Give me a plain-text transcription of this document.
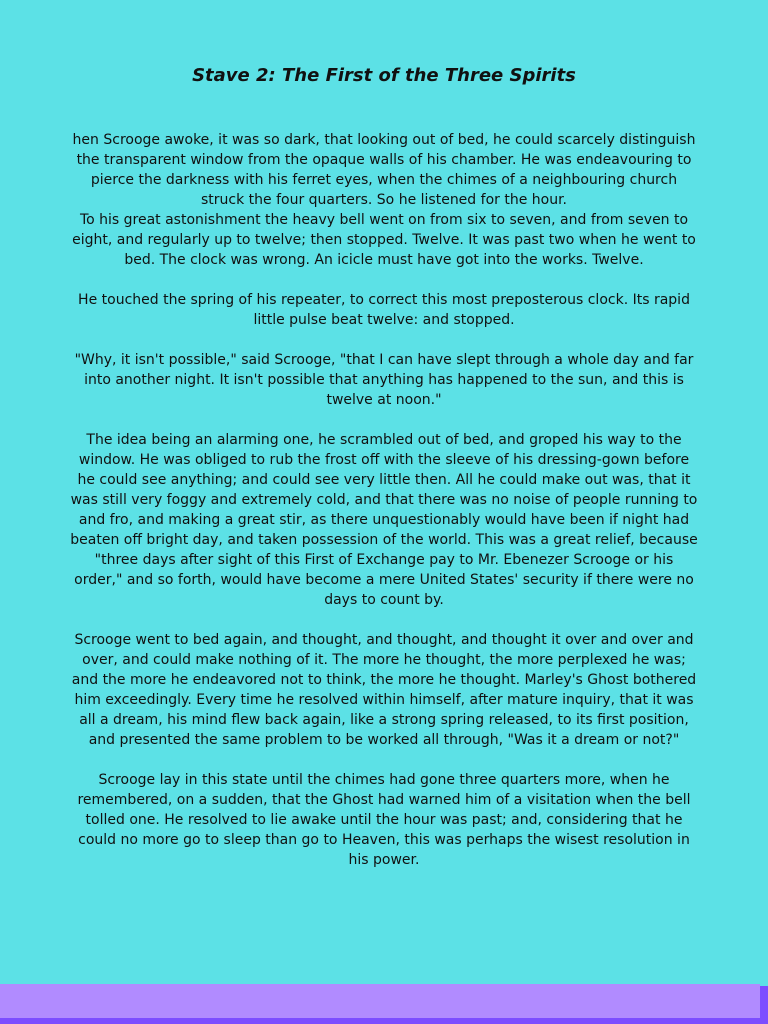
Stave 2: The First of the Three Spirits

hen Scrooge awoke, it was so dark, that looking out of bed, he could scarcely distinguish the transparent window from the opaque walls of his chamber. He was endeavouring to pierce the darkness with his ferret eyes, when the chimes of a neighbouring church struck the four quarters. So he listened for the hour.
To his great astonishment the heavy bell went on from six to seven, and from seven to eight, and regularly up to twelve; then stopped. Twelve. It was past two when he went to bed. The clock was wrong. An icicle must have got into the works. Twelve.

He touched the spring of his repeater, to correct this most preposterous clock. Its rapid little pulse beat twelve: and stopped.

"Why, it isn't possible," said Scrooge, "that I can have slept through a whole day and far into another night. It isn't possible that anything has happened to the sun, and this is twelve at noon."

The idea being an alarming one, he scrambled out of bed, and groped his way to the window. He was obliged to rub the frost off with the sleeve of his dressing-gown before he could see anything; and could see very little then. All he could make out was, that it was still very foggy and extremely cold, and that there was no noise of people running to and fro, and making a great stir, as there unquestionably would have been if night had beaten off bright day, and taken possession of the world. This was a great relief, because "three days after sight of this First of Exchange pay to Mr. Ebenezer Scrooge or his order," and so forth, would have become a mere United States' security if there were no days to count by.

Scrooge went to bed again, and thought, and thought, and thought it over and over and over, and could make nothing of it. The more he thought, the more perplexed he was; and the more he endeavored not to think, the more he thought. Marley's Ghost bothered him exceedingly. Every time he resolved within himself, after mature inquiry, that it was all a dream, his mind flew back again, like a strong spring released, to its first position, and presented the same problem to be worked all through, "Was it a dream or not?"

Scrooge lay in this state until the chimes had gone three quarters more, when he remembered, on a sudden, that the Ghost had warned him of a visitation when the bell tolled one. He resolved to lie awake until the hour was past; and, considering that he could no more go to sleep than go to Heaven, this was perhaps the wisest resolution in his power.
